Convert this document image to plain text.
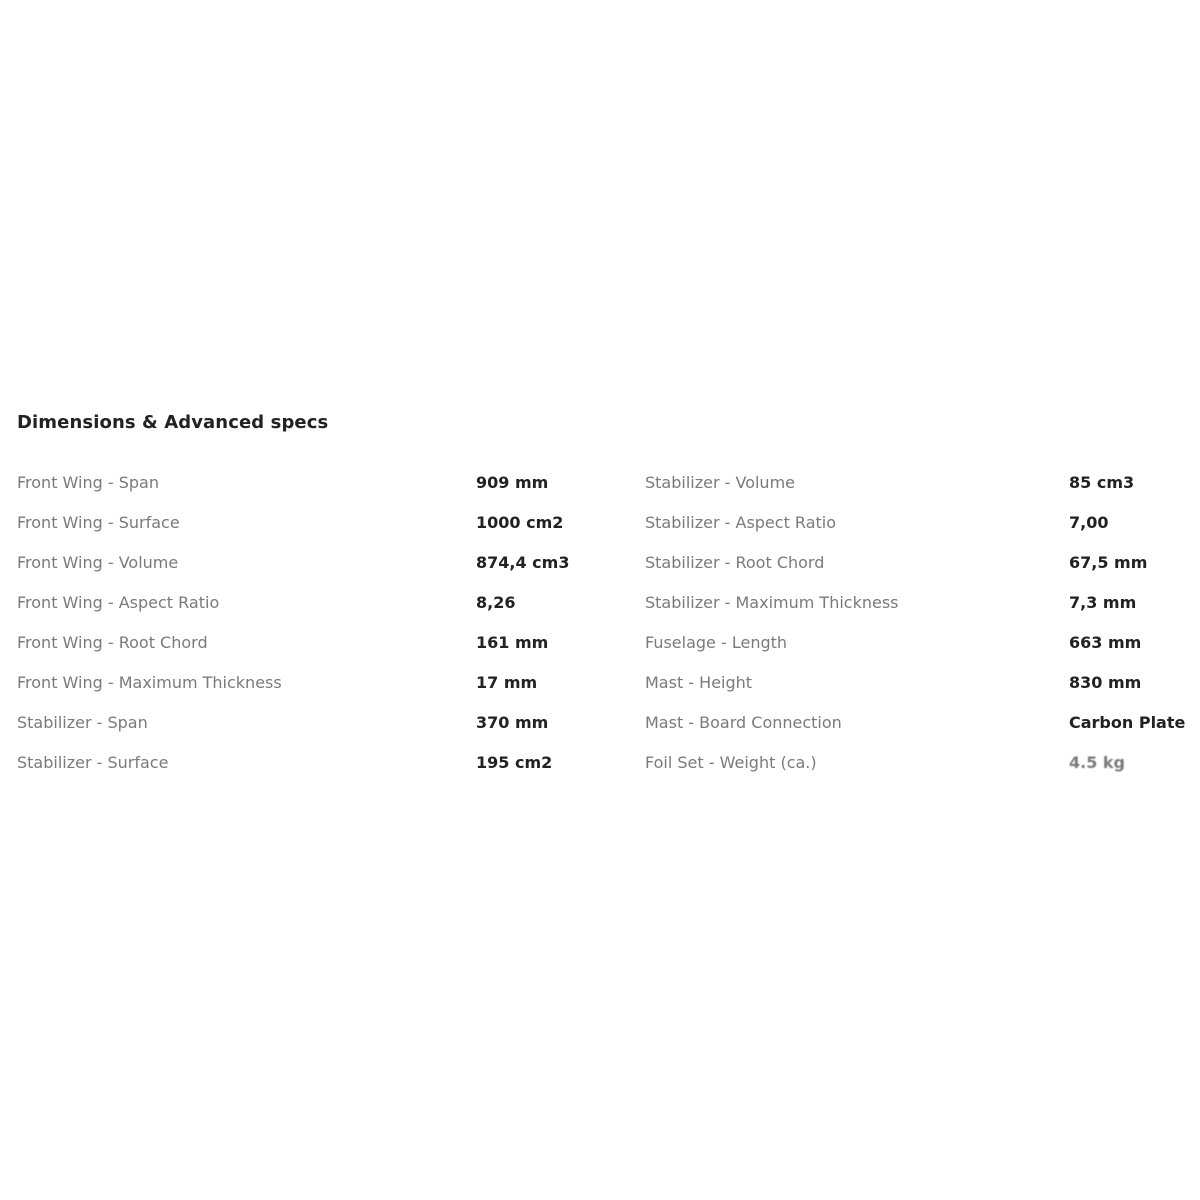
Dimensions & Advanced specs
Front Wing - Span	909 mm	Stabilizer - Volume	85 cm3
Front Wing - Surface	1000 cm2	Stabilizer - Aspect Ratio	7,00
Front Wing - Volume	874,4 cm3	Stabilizer - Root Chord	67,5 mm
Front Wing - Aspect Ratio	8,26	Stabilizer - Maximum Thickness	7,3 mm
Front Wing - Root Chord	161 mm	Fuselage - Length	663 mm
Front Wing - Maximum Thickness	17 mm	Mast - Height	830 mm
Stabilizer - Span	370 mm	Mast - Board Connection	Carbon Plate
Stabilizer - Surface	195 cm2	Foil Set - Weight (ca.)	4.5 kg
